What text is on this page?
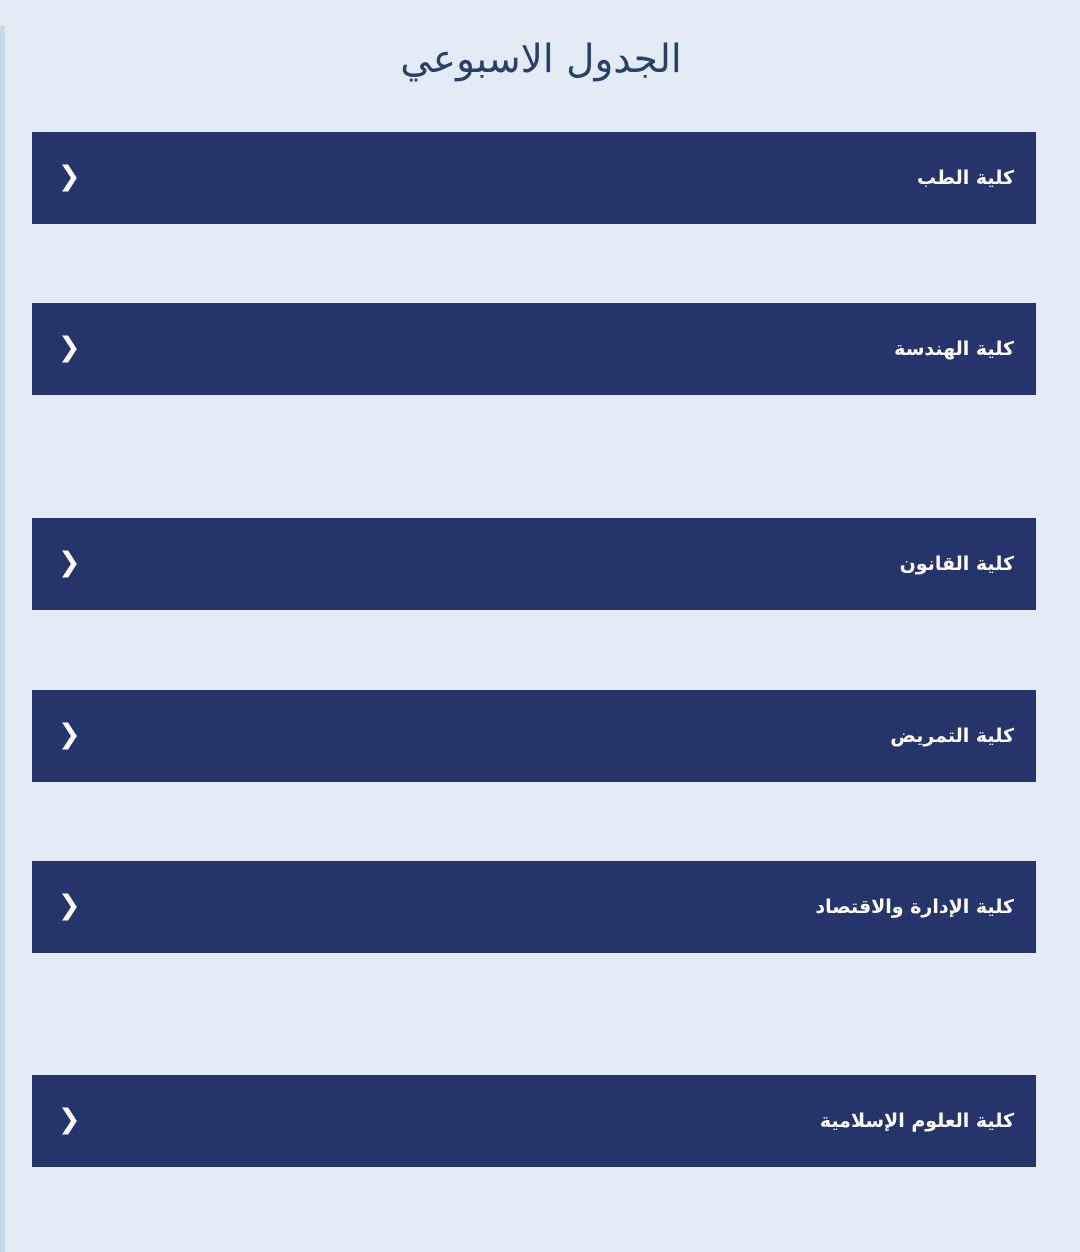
الجدول الاسبوعي
كلية الطب
❮
كلية الهندسة
❮
كلية القانون
❮
كلية التمريض
❮
كلية الإدارة والاقتصاد
❮
كلية العلوم الإسلامية
❮
